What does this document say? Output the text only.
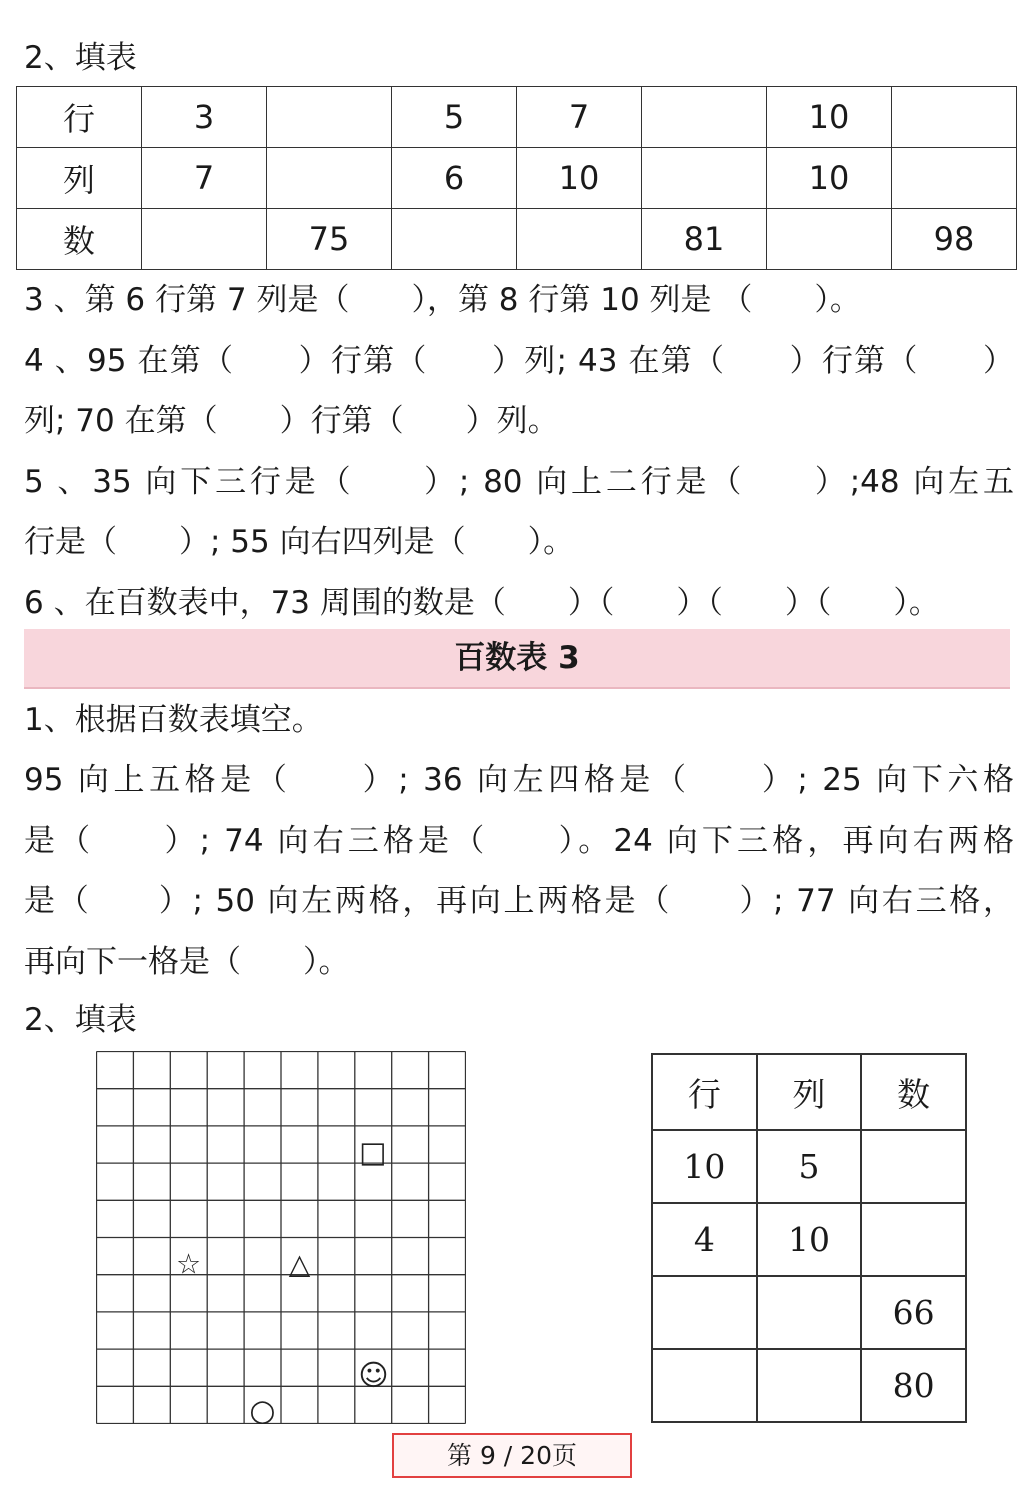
2、填表
行	3		5	7		10	
列	7		6	10		10	
数		75			81		98
3 、第 6 行第 7 列是（　　），第 8 行第 10 列是 （　　）。
4 、95 在第（　　）行第（　　）列; 43 在第（　　）行第（　　）
列; 70 在第（　　）行第（　　）列。
5 、35 向下三行是（　　）; 80 向上二行是（　　）;48 向左五
行是（　　）; 55 向右四列是（　　）。
6 、在百数表中，73 周围的数是（　　）（　　）（　　）（　　）。
百数表 3
1、根据百数表填空。
95 向上五格是（　　）; 36 向左四格是（　　）; 25 向下六格
是（　　）; 74 向右三格是（　　）。24 向下三格，再向右两格
是（　　）; 50 向左两格，再向上两格是（　　）; 77 向右三格，
再向下一格是（　　）。
2、填表
□
☆	△
☺
○
行	列	数
10	5	
4	10	
		66
		80
第 9 / 20页
